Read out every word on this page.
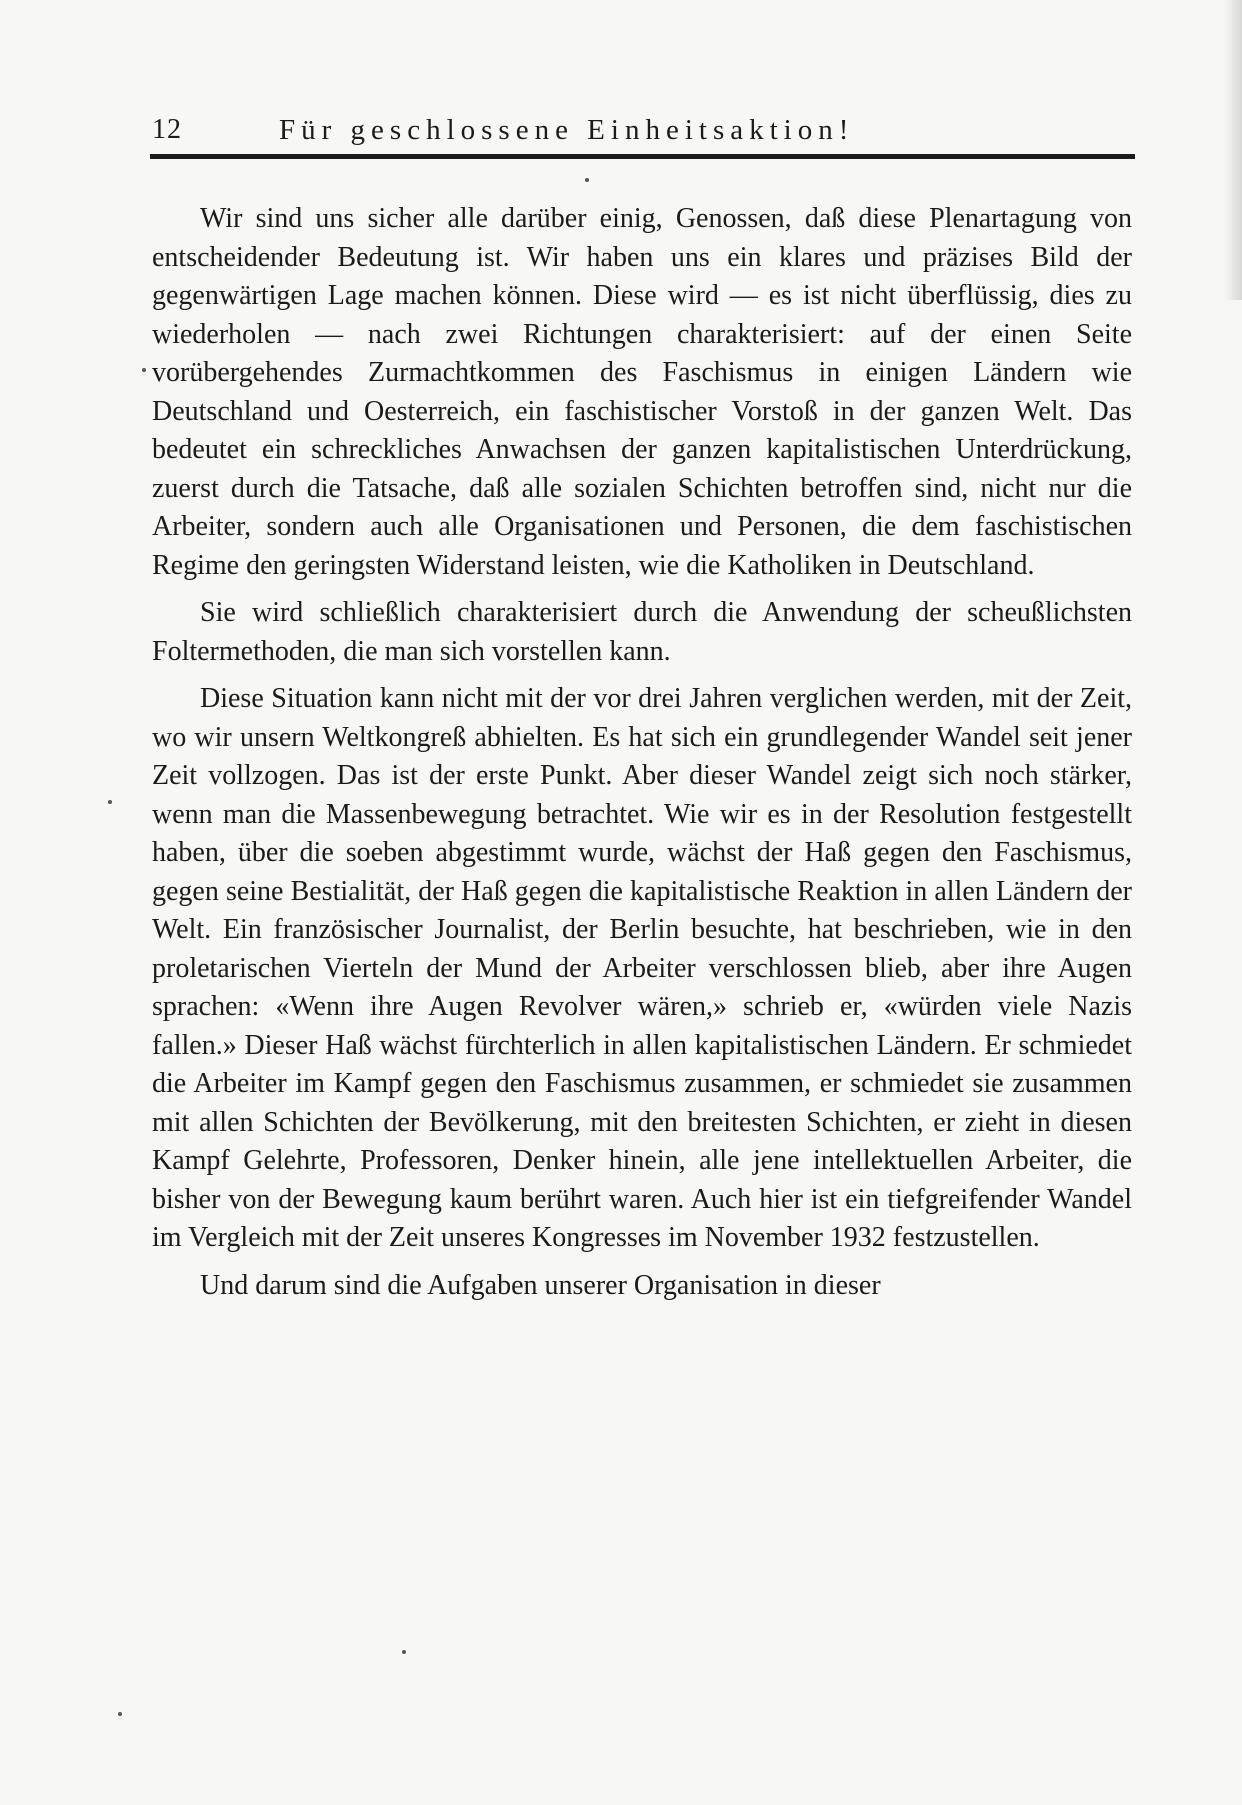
12	Für geschlossene Einheitsaktion!

Wir sind uns sicher alle darüber einig, Genossen, daß diese Plenartagung von entscheidender Bedeutung ist. Wir haben uns ein klares und präzises Bild der gegenwärtigen Lage machen können. Diese wird — es ist nicht überflüssig, dies zu wiederholen — nach zwei Richtungen charakterisiert: auf der einen Seite vorübergehendes Zurmachtkommen des Faschismus in einigen Ländern wie Deutschland und Oesterreich, ein faschistischer Vorstoß in der ganzen Welt. Das bedeutet ein schreckliches Anwachsen der ganzen kapitalistischen Unterdrückung, zuerst durch die Tatsache, daß alle sozialen Schichten betroffen sind, nicht nur die Arbeiter, sondern auch alle Organisationen und Personen, die dem faschistischen Regime den geringsten Widerstand leisten, wie die Katholiken in Deutschland.

Sie wird schließlich charakterisiert durch die Anwendung der scheußlichsten Foltermethoden, die man sich vorstellen kann.

Diese Situation kann nicht mit der vor drei Jahren verglichen werden, mit der Zeit, wo wir unsern Weltkongreß abhielten. Es hat sich ein grundlegender Wandel seit jener Zeit vollzogen. Das ist der erste Punkt. Aber dieser Wandel zeigt sich noch stärker, wenn man die Massenbewegung betrachtet. Wie wir es in der Resolution festgestellt haben, über die soeben abgestimmt wurde, wächst der Haß gegen den Faschismus, gegen seine Bestialität, der Haß gegen die kapitalistische Reaktion in allen Ländern der Welt. Ein französischer Journalist, der Berlin besuchte, hat beschrieben, wie in den proletarischen Vierteln der Mund der Arbeiter verschlossen blieb, aber ihre Augen sprachen: «Wenn ihre Augen Revolver wären,» schrieb er, «würden viele Nazis fallen.» Dieser Haß wächst fürchterlich in allen kapitalistischen Ländern. Er schmiedet die Arbeiter im Kampf gegen den Faschismus zusammen, er schmiedet sie zusammen mit allen Schichten der Bevölkerung, mit den breitesten Schichten, er zieht in diesen Kampf Gelehrte, Professoren, Denker hinein, alle jene intellektuellen Arbeiter, die bisher von der Bewegung kaum berührt waren. Auch hier ist ein tiefgreifender Wandel im Vergleich mit der Zeit unseres Kongresses im November 1932 festzustellen.

Und darum sind die Aufgaben unserer Organisation in dieser
